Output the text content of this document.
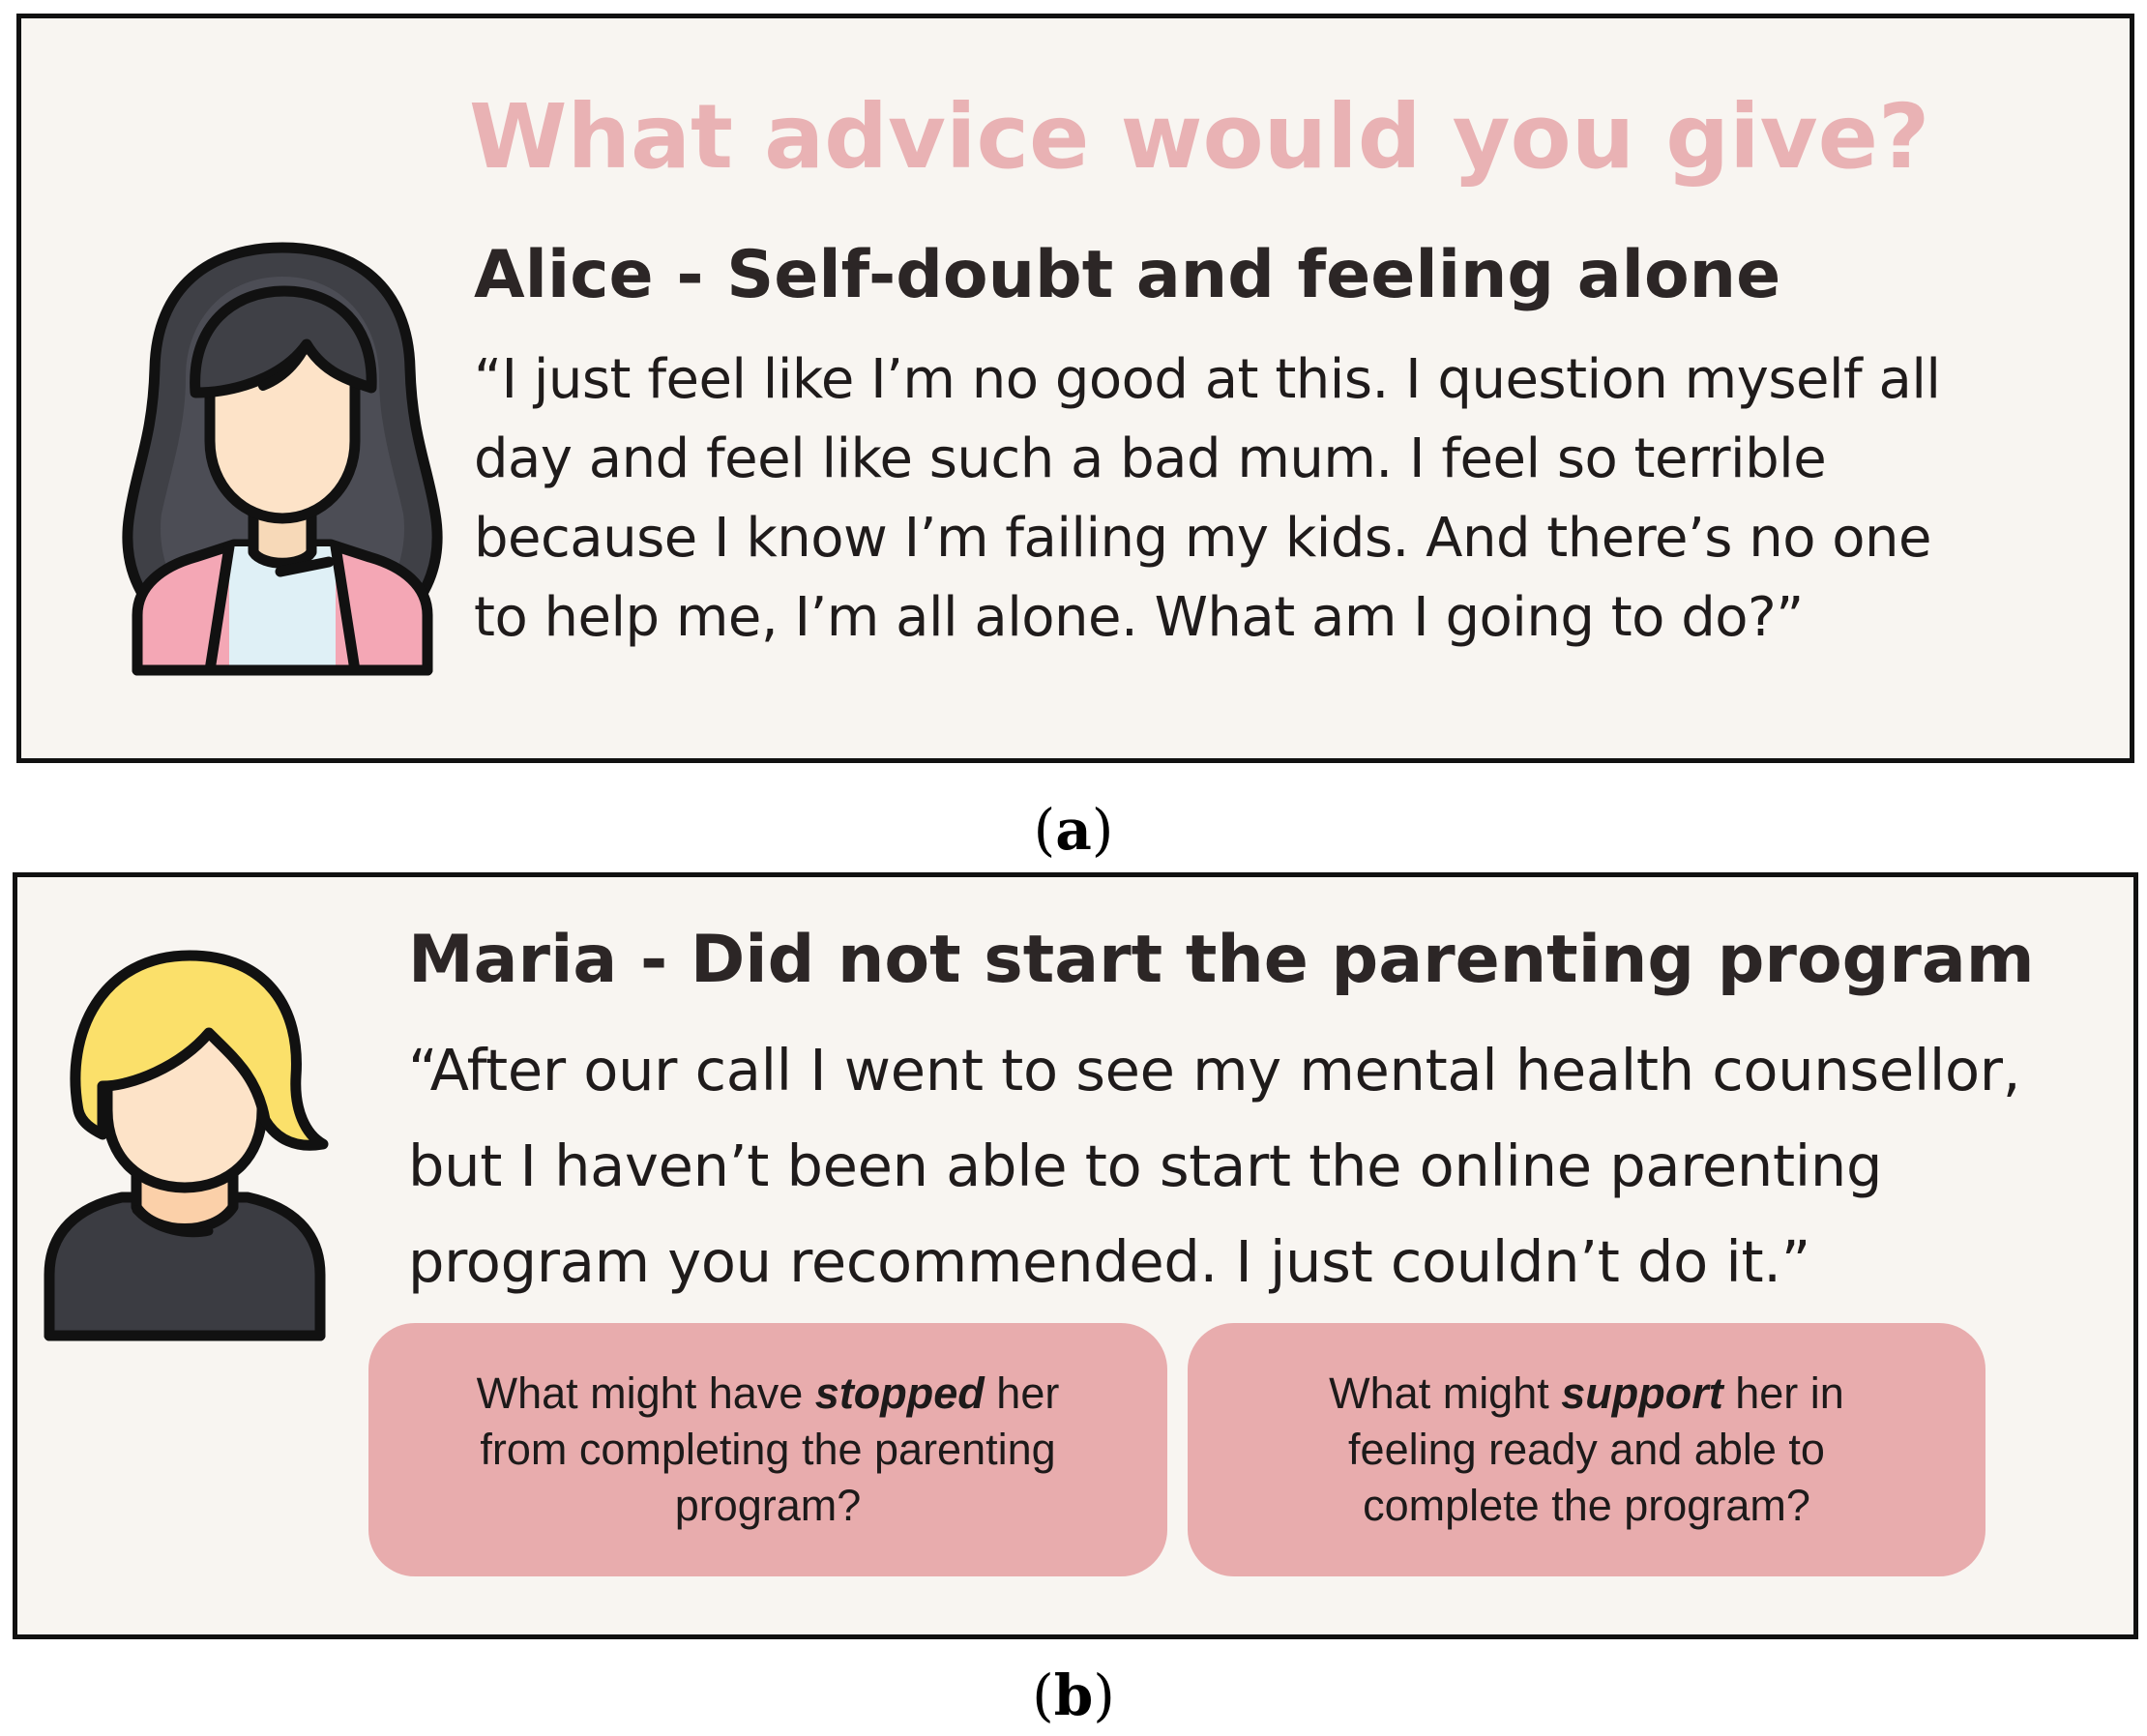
What advice would you give?
Alice - Self-doubt and feeling alone
“I just feel like I’m no good at this. I question myself all
day and feel like such a bad mum. I feel so terrible
because I know I’m failing my kids. And there’s no one
to help me, I’m all alone. What am I going to do?”
(a)
Maria - Did not start the parenting program
“After our call I went to see my mental health counsellor,
but I haven’t been able to start the online parenting
program you recommended. I just couldn’t do it.”
What might have stopped her
from completing the parenting
program?
What might support her in
feeling ready and able to
complete the program?
(b)
